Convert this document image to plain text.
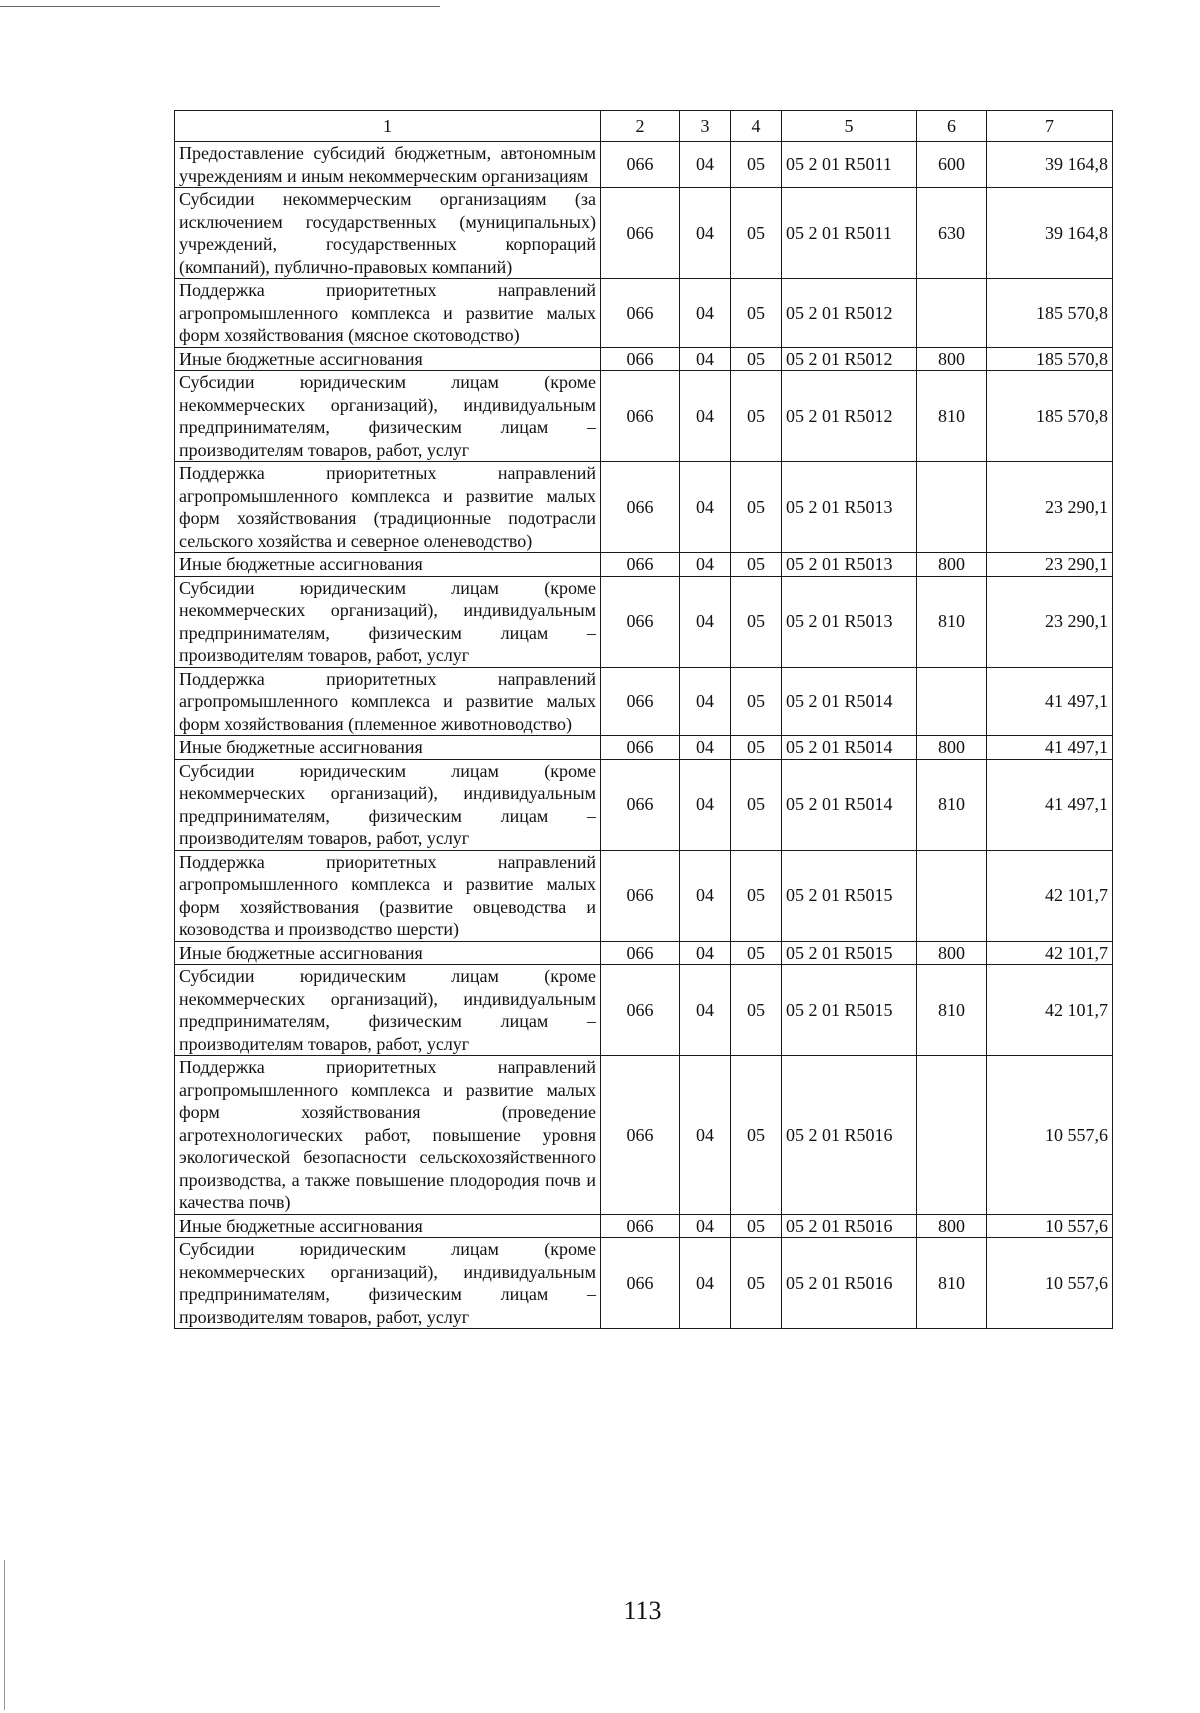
1	2	3	4	5	6	7
Предоставление субсидий бюджетным, автономным учреждениям и иным некоммерческим организациям	066	04	05	05 2 01 R5011	600	39 164,8
Субсидии некоммерческим организациям (за исключением государственных (муниципальных) учреждений, государственных корпораций (компаний), публично-правовых компаний)	066	04	05	05 2 01 R5011	630	39 164,8
Поддержка приоритетных направлений агропромышленного комплекса и развитие малых форм хозяйствования (мясное скотоводство)	066	04	05	05 2 01 R5012		185 570,8
Иные бюджетные ассигнования	066	04	05	05 2 01 R5012	800	185 570,8
Субсидии юридическим лицам (кроме некоммерческих организаций), индивидуальным предпринимателям, физическим лицам – производителям товаров, работ, услуг	066	04	05	05 2 01 R5012	810	185 570,8
Поддержка приоритетных направлений агропромышленного комплекса и развитие малых форм хозяйствования (традиционные подотрасли сельского хозяйства и северное оленеводство)	066	04	05	05 2 01 R5013		23 290,1
Иные бюджетные ассигнования	066	04	05	05 2 01 R5013	800	23 290,1
Субсидии юридическим лицам (кроме некоммерческих организаций), индивидуальным предпринимателям, физическим лицам – производителям товаров, работ, услуг	066	04	05	05 2 01 R5013	810	23 290,1
Поддержка приоритетных направлений агропромышленного комплекса и развитие малых форм хозяйствования (племенное животноводство)	066	04	05	05 2 01 R5014		41 497,1
Иные бюджетные ассигнования	066	04	05	05 2 01 R5014	800	41 497,1
Субсидии юридическим лицам (кроме некоммерческих организаций), индивидуальным предпринимателям, физическим лицам – производителям товаров, работ, услуг	066	04	05	05 2 01 R5014	810	41 497,1
Поддержка приоритетных направлений агропромышленного комплекса и развитие малых форм хозяйствования (развитие овцеводства и козоводства и производство шерсти)	066	04	05	05 2 01 R5015		42 101,7
Иные бюджетные ассигнования	066	04	05	05 2 01 R5015	800	42 101,7
Субсидии юридическим лицам (кроме некоммерческих организаций), индивидуальным предпринимателям, физическим лицам – производителям товаров, работ, услуг	066	04	05	05 2 01 R5015	810	42 101,7
Поддержка приоритетных направлений агропромышленного комплекса и развитие малых форм хозяйствования (проведение агротехнологических работ, повышение уровня экологической безопасности сельскохозяйственного производства, а также повышение плодородия почв и качества почв)	066	04	05	05 2 01 R5016		10 557,6
Иные бюджетные ассигнования	066	04	05	05 2 01 R5016	800	10 557,6
Субсидии юридическим лицам (кроме некоммерческих организаций), индивидуальным предпринимателям, физическим лицам – производителям товаров, работ, услуг	066	04	05	05 2 01 R5016	810	10 557,6
113
